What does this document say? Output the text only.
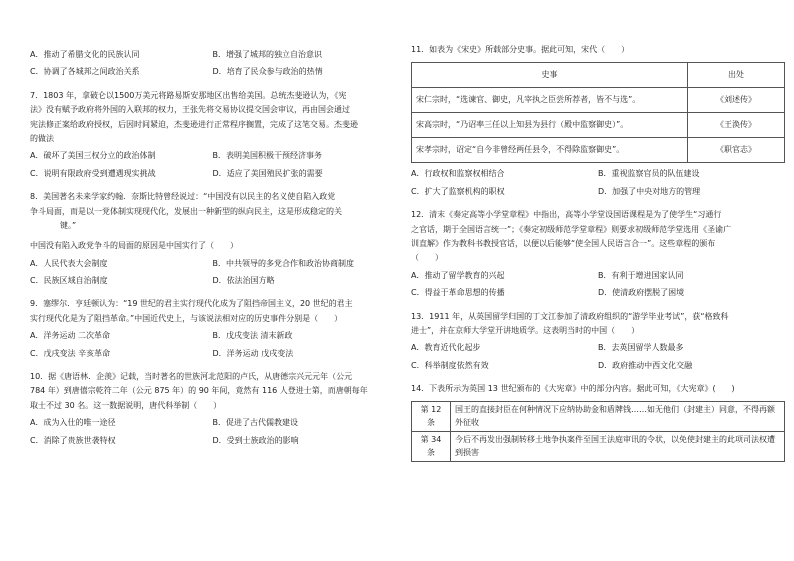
A．推动了希腊文化的民族认同	B．增强了城邦的独立自治意识
C．协调了各城邦之间政治关系	D．培育了民众参与政治的热情
7．1803 年，拿破仑以1500万美元将路易斯安那地区出售给美国。总统杰斐逊认为，《宪
法》没有赋予政府将外国的入联邦的权力，王张先将交易协议提交国会审议，再由国会通过
宪法修正案给政府授权，后因时间紧迫，杰斐逊进行正常程序搁置，完成了这笔交易。杰斐逊
的做法
A．破坏了美国三权分立的政治体制	B．表明美国积极干预经济事务
C．说明有限政府受到遭遇现实挑战	D．适应了美国殖民扩张的需要
8．美国著名未来学家约翰．奈斯比特曾经说过：“中国没有以民主的名义使自陷入政党
争斗局面，而是以一党体制实现现代化，发展出一种新型的纵向民主，这是形成稳定的关
键。”
中国没有陷入政党争斗的局面的原因是中国实行了（　　）
A．人民代表大会制度	B．中共领导的多党合作和政治协商制度
C．民族区域自治制度	D．依法治国方略
9．塞缪尔．亨廷顿认为：“19 世纪的君主实行现代化成为了阻挡帝国主义，20 世纪的君主
实行现代化是为了阻挡革命。”中国近代史上，与该说法相对应的历史事件分别是（　　）
A．洋务运动 二次革命	B．戊戌变法 清末新政
C．戊戌变法 辛亥革命	D．洋务运动 戊戌变法
10．据《唐语林．企羡》记载，当时著名的世族河北范阳的卢氏，从唐德宗兴元元年（公元
784 年）到唐僖宗乾符二年（公元 875 年）的 90 年间，竟然有 116 人登进士第，而唐朝每年
取士不过 30 名。这一数据说明，唐代科举制（　　）
A．成为入仕的唯一途径	B．促进了古代儒教建设
C．消除了贵族世袭特权	D．受到士族政治的影响
11．如表为《宋史》所载部分史事。据此可知，宋代（　　）
史事	出处
宋仁宗时，“选谏官、御史，凡宰执之臣尝所荐者，皆不与选”。	《刘述传》
宋高宗时，“乃诏率三任以上知县为县行（殿中监察御史）”。	《王涣传》
宋孝宗时，诏定“自今非曾经两任县令，不得除监察御史”。	《职官志》
A．行政权和监察权相结合	B．重视监察官员的队伍建设
C．扩大了监察机构的职权	D．加强了中央对地方的管理
12．清末《奏定高等小学堂章程》中指出，高等小学堂设国语课程是为了使学生“习通行
之官话，期于全国语言统一”；《奏定初级师范学堂章程》则要求初级师范学堂选用《圣谕广
训直解》作为教科书教授官话，以便以后能够“使全国人民语言合一”。这些章程的颁布
（　　）
A．推动了留学教育的兴起	B．有利于增进国家认同
C．得益于革命思想的传播	D．使清政府摆脱了困境
13．1911 年，从英国留学归国的丁文江参加了清政府组织的“游学毕业考试”，获“格致科
进士”，并在京师大学堂开讲地质学。这表明当时的中国（　　）
A．教育近代化起步	B．去英国留学人数最多
C．科举制度依然有效	D．政府推动中西文化交融
14．下表所示为英国 13 世纪颁布的《大宪章》中的部分内容。据此可知，《大宪章》(　　)
第 12 条	国王的直接封臣在何种情况下应纳协助金和盾牌钱……如无他们（封建主）同意，不得再额外征收
第 34 条	今后不再发出强制转移土地争执案件至国王法庭审讯的令状，以免使封建主的此项司法权遭到损害
